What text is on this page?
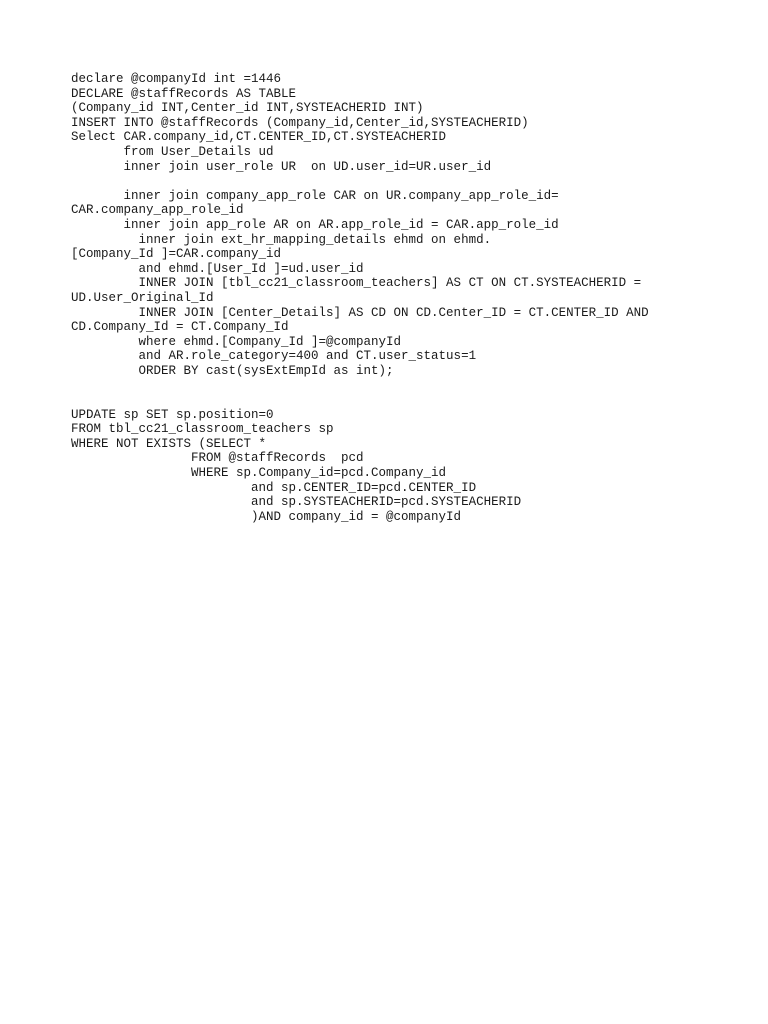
declare @companyId int =1446
DECLARE @staffRecords AS TABLE
(Company_id INT,Center_id INT,SYSTEACHERID INT)
INSERT INTO @staffRecords (Company_id,Center_id,SYSTEACHERID)
Select CAR.company_id,CT.CENTER_ID,CT.SYSTEACHERID
from User_Details ud
inner join user_role UR  on UD.user_id=UR.user_id
inner join company_app_role CAR on UR.company_app_role_id=
CAR.company_app_role_id
inner join app_role AR on AR.app_role_id = CAR.app_role_id
inner join ext_hr_mapping_details ehmd on ehmd.
[Company_Id ]=CAR.company_id
and ehmd.[User_Id ]=ud.user_id
INNER JOIN [tbl_cc21_classroom_teachers] AS CT ON CT.SYSTEACHERID =
UD.User_Original_Id
INNER JOIN [Center_Details] AS CD ON CD.Center_ID = CT.CENTER_ID AND
CD.Company_Id = CT.Company_Id
where ehmd.[Company_Id ]=@companyId
and AR.role_category=400 and CT.user_status=1
ORDER BY cast(sysExtEmpId as int);
UPDATE sp SET sp.position=0
FROM tbl_cc21_classroom_teachers sp
WHERE NOT EXISTS (SELECT *
FROM @staffRecords  pcd
WHERE sp.Company_id=pcd.Company_id
and sp.CENTER_ID=pcd.CENTER_ID
and sp.SYSTEACHERID=pcd.SYSTEACHERID
)AND company_id = @companyId
